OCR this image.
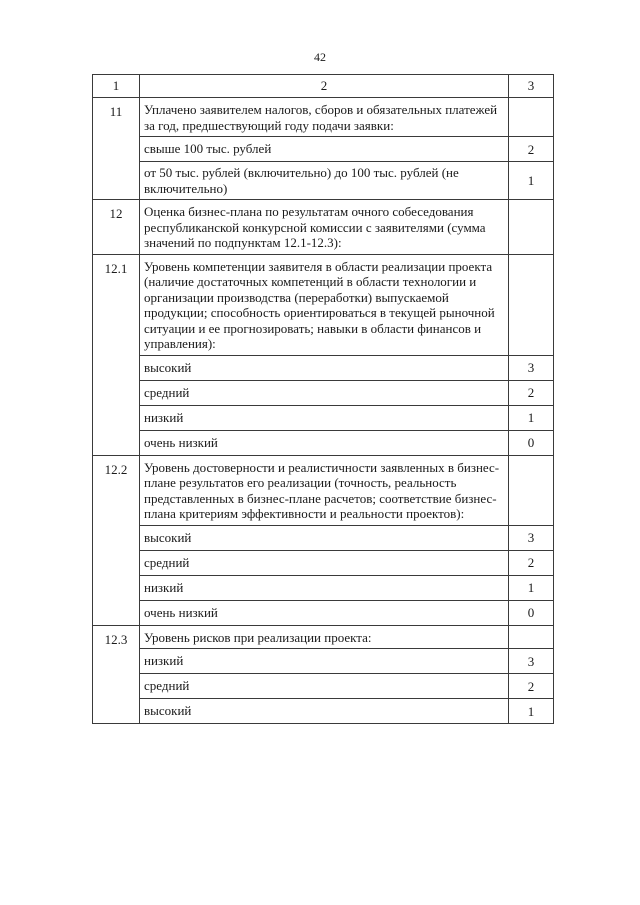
42
1	2	3
11	Уплачено заявителем налогов, сборов и обязательных платежей за год, предшествующий году подачи заявки:	
	свыше 100 тыс. рублей	2
	от 50 тыс. рублей (включительно) до 100 тыс. рублей (не включительно)	1
12	Оценка бизнес-плана по результатам очного собеседования республиканской конкурсной комиссии с заявителями (сумма значений по подпунктам 12.1-12.3):	
12.1	Уровень компетенции заявителя в области реализации проекта (наличие достаточных компетенций в области технологии и организации производства (переработки) выпускаемой продукции; способность ориентироваться в текущей рыночной ситуации и ее прогнозировать; навыки в области финансов и управления):	
	высокий	3
	средний	2
	низкий	1
	очень низкий	0
12.2	Уровень достоверности и реалистичности заявленных в бизнес-плане результатов его реализации (точность, реальность представленных в бизнес-плане расчетов; соответствие бизнес-плана критериям эффективности и реальности проектов):	
	высокий	3
	средний	2
	низкий	1
	очень низкий	0
12.3	Уровень рисков при реализации проекта:	
	низкий	3
	средний	2
	высокий	1
